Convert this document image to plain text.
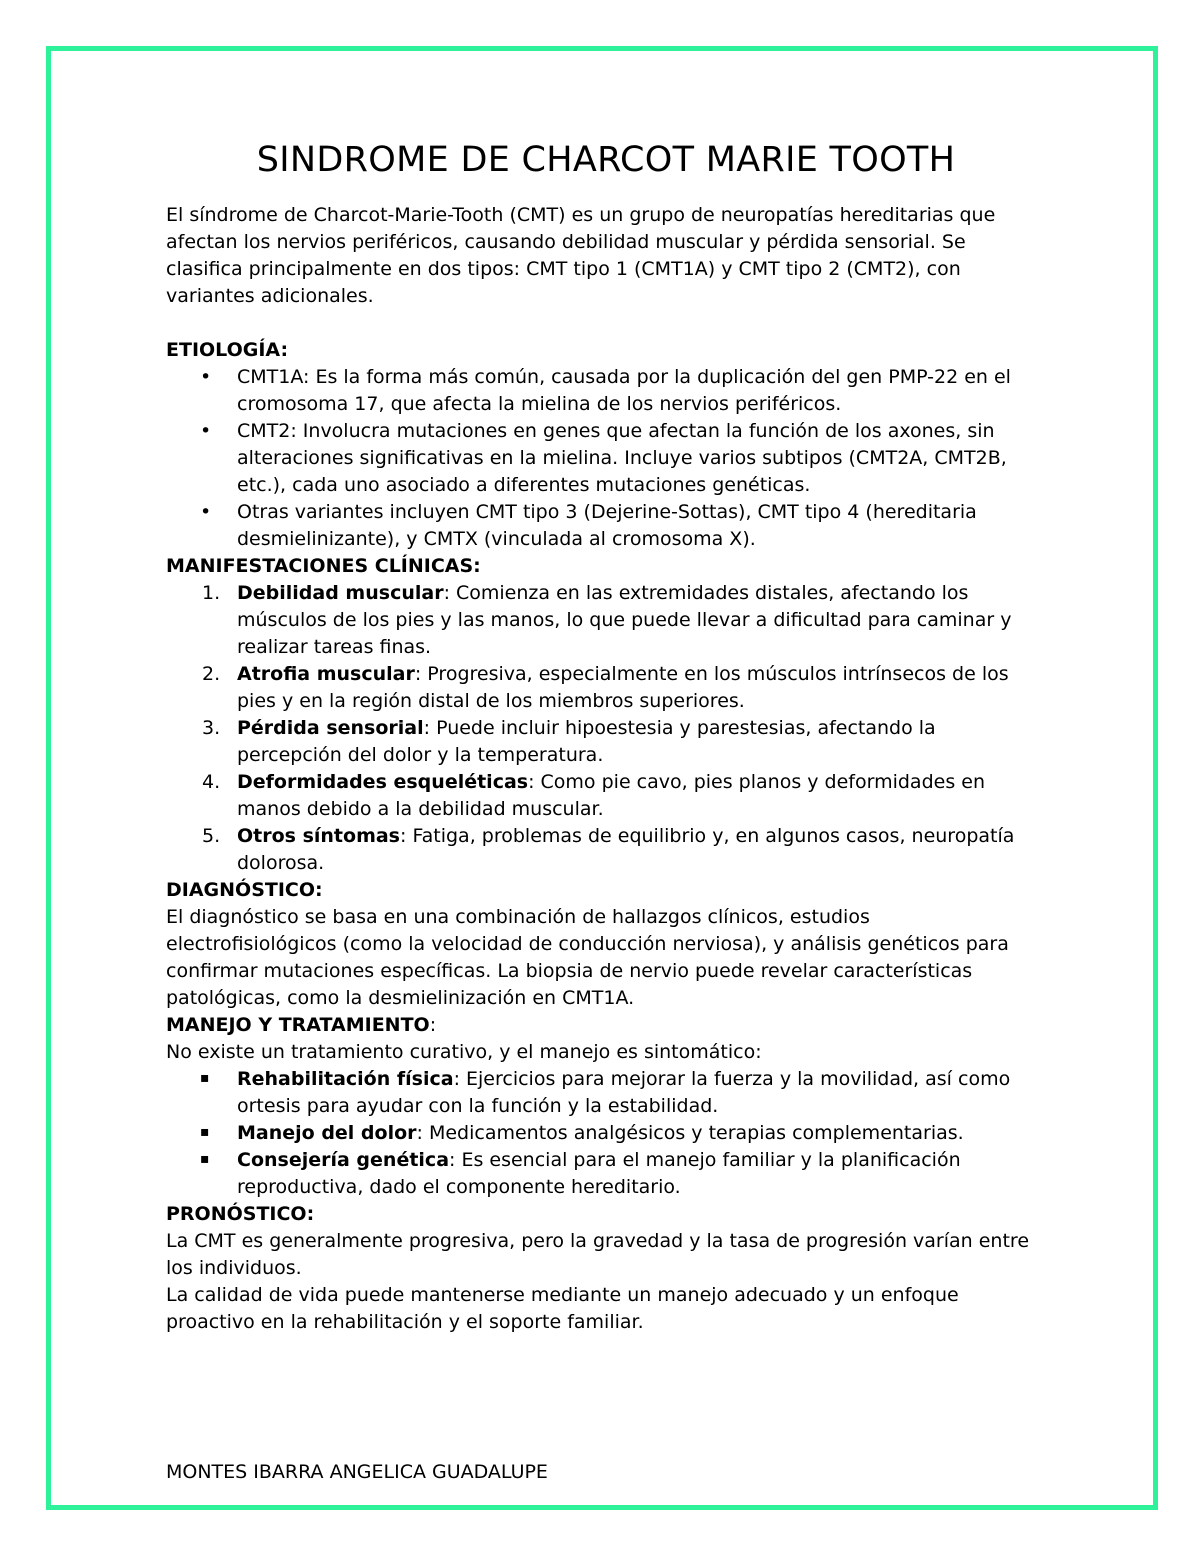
SINDROME DE CHARCOT MARIE TOOTH

El síndrome de Charcot-Marie-Tooth (CMT) es un grupo de neuropatías hereditarias que afectan los nervios periféricos, causando debilidad muscular y pérdida sensorial. Se clasifica principalmente en dos tipos: CMT tipo 1 (CMT1A) y CMT tipo 2 (CMT2), con variantes adicionales.

ETIOLOGÍA:

• CMT1A: Es la forma más común, causada por la duplicación del gen PMP-22 en el cromosoma 17, que afecta la mielina de los nervios periféricos.
• CMT2: Involucra mutaciones en genes que afectan la función de los axones, sin alteraciones significativas en la mielina. Incluye varios subtipos (CMT2A, CMT2B, etc.), cada uno asociado a diferentes mutaciones genéticas.
• Otras variantes incluyen CMT tipo 3 (Dejerine-Sottas), CMT tipo 4 (hereditaria desmielinizante), y CMTX (vinculada al cromosoma X).

MANIFESTACIONES CLÍNICAS:

1. Debilidad muscular: Comienza en las extremidades distales, afectando los músculos de los pies y las manos, lo que puede llevar a dificultad para caminar y realizar tareas finas.
2. Atrofia muscular: Progresiva, especialmente en los músculos intrínsecos de los pies y en la región distal de los miembros superiores.
3. Pérdida sensorial: Puede incluir hipoestesia y parestesias, afectando la percepción del dolor y la temperatura.
4. Deformidades esqueléticas: Como pie cavo, pies planos y deformidades en manos debido a la debilidad muscular.
5. Otros síntomas: Fatiga, problemas de equilibrio y, en algunos casos, neuropatía dolorosa.

DIAGNÓSTICO:

El diagnóstico se basa en una combinación de hallazgos clínicos, estudios electrofisiológicos (como la velocidad de conducción nerviosa), y análisis genéticos para confirmar mutaciones específicas. La biopsia de nervio puede revelar características patológicas, como la desmielinización en CMT1A.

MANEJO Y TRATAMIENTO:

No existe un tratamiento curativo, y el manejo es sintomático:

▪ Rehabilitación física: Ejercicios para mejorar la fuerza y la movilidad, así como ortesis para ayudar con la función y la estabilidad.
▪ Manejo del dolor: Medicamentos analgésicos y terapias complementarias.
▪ Consejería genética: Es esencial para el manejo familiar y la planificación reproductiva, dado el componente hereditario.

PRONÓSTICO:

La CMT es generalmente progresiva, pero la gravedad y la tasa de progresión varían entre los individuos.

La calidad de vida puede mantenerse mediante un manejo adecuado y un enfoque proactivo en la rehabilitación y el soporte familiar.

MONTES IBARRA ANGELICA GUADALUPE
